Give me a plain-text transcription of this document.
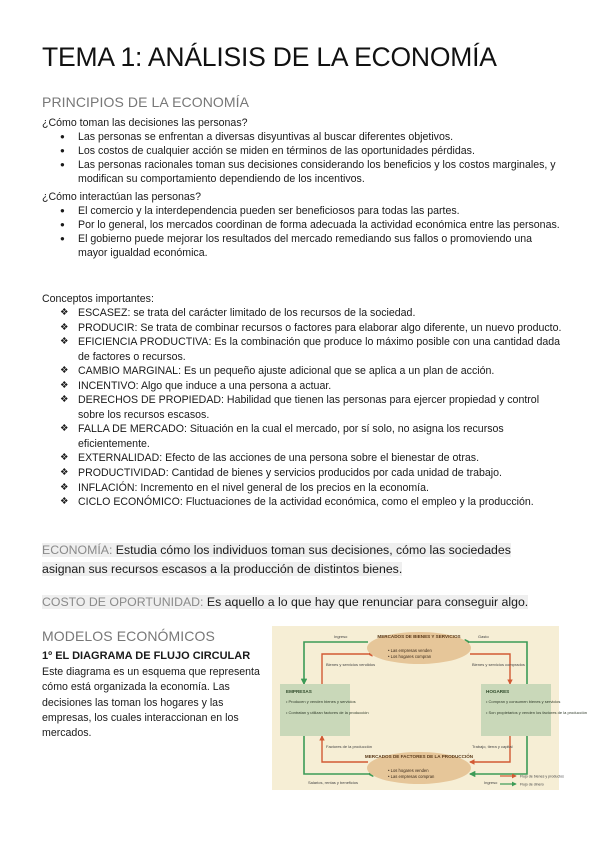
TEMA 1: ANÁLISIS DE LA ECONOMÍA
PRINCIPIOS DE LA ECONOMÍA
¿Cómo toman las decisiones las personas?
● Las personas se enfrentan a diversas disyuntivas al buscar diferentes objetivos.
● Los costos de cualquier acción se miden en términos de las oportunidades pérdidas.
● Las personas racionales toman sus decisiones considerando los beneficios y los costos marginales, y modifican su comportamiento dependiendo de los incentivos.
¿Cómo interactúan las personas?
● El comercio y la interdependencia pueden ser beneficiosos para todas las partes.
● Por lo general, los mercados coordinan de forma adecuada la actividad económica entre las personas.
● El gobierno puede mejorar los resultados del mercado remediando sus fallos o promoviendo una mayor igualdad económica.
Conceptos importantes:
❖ ESCASEZ: se trata del carácter limitado de los recursos de la sociedad.
❖ PRODUCIR: Se trata de combinar recursos o factores para elaborar algo diferente, un nuevo producto.
❖ EFICIENCIA PRODUCTIVA: Es la combinación que produce lo máximo posible con una cantidad dada de factores o recursos.
❖ CAMBIO MARGINAL: Es un pequeño ajuste adicional que se aplica a un plan de acción.
❖ INCENTIVO: Algo que induce a una persona a actuar.
❖ DERECHOS DE PROPIEDAD: Habilidad que tienen las personas para ejercer propiedad y control sobre los recursos escasos.
❖ FALLA DE MERCADO: Situación en la cual el mercado, por sí solo, no asigna los recursos eficientemente.
❖ EXTERNALIDAD: Efecto de las acciones de una persona sobre el bienestar de otras.
❖ PRODUCTIVIDAD: Cantidad de bienes y servicios producidos por cada unidad de trabajo.
❖ INFLACIÓN: Incremento en el nivel general de los precios en la economía.
❖ CICLO ECONÓMICO: Fluctuaciones de la actividad económica, como el empleo y la producción.
ECONOMÍA: Estudia cómo los individuos toman sus decisiones, cómo las sociedades asignan sus recursos escasos a la producción de distintos bienes.
COSTO DE OPORTUNIDAD: Es aquello a lo que hay que renunciar para conseguir algo.
MODELOS ECONÓMICOS
1º EL DIAGRAMA DE FLUJO CIRCULAR
Este diagrama es un esquema que representa cómo está organizada la economía. Las decisiones las toman los hogares y las empresas, los cuales interaccionan en los mercados.
MERCADOS DE BIENES Y SERVICIOS
• Las empresas venden
• Los hogares compran
MERCADOS DE FACTORES DE LA PRODUCCIÓN
• Los hogares venden
• Las empresas compran
EMPRESAS
• Producen y venden bienes y servicios
• Contratan y utilizan factores de la producción
HOGARES
• Compran y consumen bienes y servicios
• Son propietarios y venden los factores de la producción
Ingreso	Gasto
Bienes y servicios vendidos	Bienes y servicios comprados
Factores de la producción	Trabajo, tierra y capital
Salarios, rentas y beneficios	Ingreso
Flujo de bienes y productos
Flujo de dinero
